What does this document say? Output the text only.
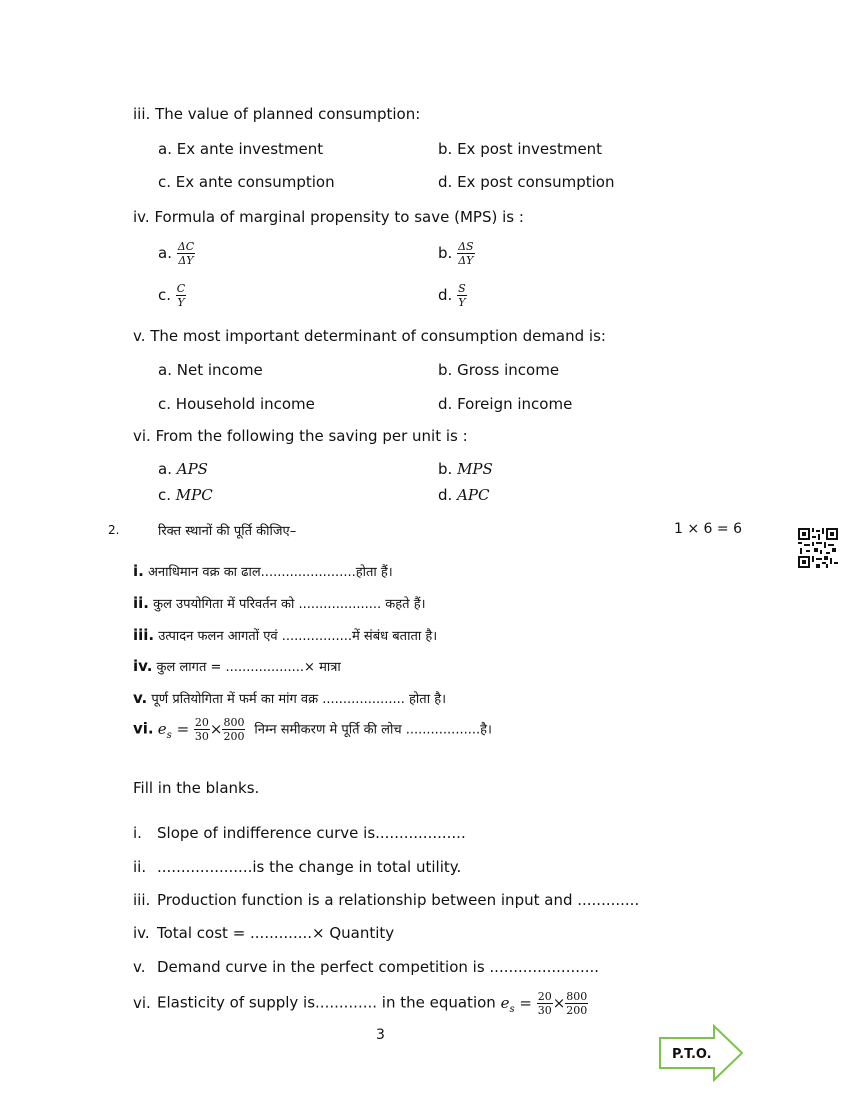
iii. The value of planned consumption:
a. Ex ante investment	b. Ex post investment
c. Ex ante consumption	d. Ex post consumption
iv. Formula of marginal propensity to save (MPS) is :
a. $\frac{\Delta C}{\Delta Y}$	b. $\frac{\Delta S}{\Delta Y}$
c. $\frac{C}{Y}$	d. $\frac{S}{Y}$
v. The most important determinant of consumption demand is:
a. Net income	b. Gross income
c. Household income	d. Foreign income
vi. From the following the saving per unit is :
a. APS	b. MPS
c. MPC	d. APC
2.	रिक्त स्थानों की पूर्ति कीजिए–	1 × 6 = 6
i. अनाधिमान वक्र का ढाल.......................होता हैं।
ii. कुल उपयोगिता में परिवर्तन को .................... कहते हैं।
iii. उत्पादन फलन आगतों एवं .................में संबंध बताता है।
iv. कुल लागत = ...................× मात्रा
v. पूर्ण प्रतियोगिता में फर्म का मांग वक्र .................... होता है।
vi. $e_s = \frac{20}{30} \times \frac{800}{200}$ निम्न समीकरण मे पूर्ति की लोच ..................है।
Fill in the blanks.
i. Slope of indifference curve is...................
ii. ....................is the change in total utility.
iii. Production function is a relationship between input and .............
iv. Total cost = .............× Quantity
v. Demand curve in the perfect competition is .......................
vi. Elasticity of supply is............. in the equation $e_s = \frac{20}{30} \times \frac{800}{200}$
3
P.T.O.
